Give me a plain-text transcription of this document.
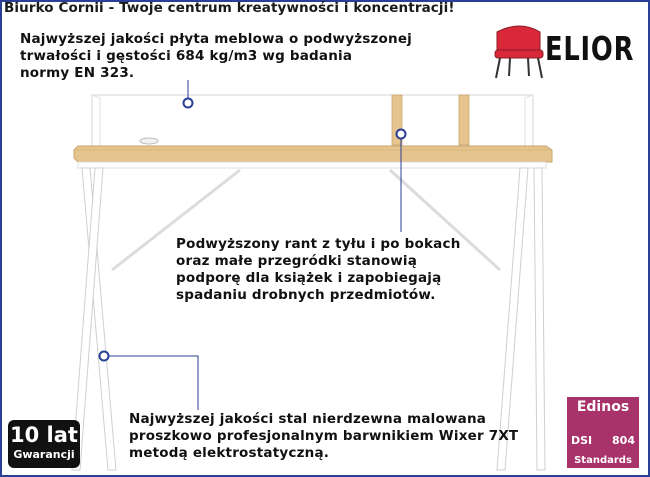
Biurko Cornii - Twoje centrum kreatywności i koncentracji!
Najwyższej jakości płyta meblowa o podwyższonej
trwałości i gęstości 684 kg/m3 wg badania
normy EN 323.
Podwyższony rant z tyłu i po bokach
oraz małe przegródki stanowią
podporę dla książek i zapobiegają
spadaniu drobnych przedmiotów.
Najwyższej jakości stal nierdzewna malowana
proszkowo profesjonalnym barwnikiem Wixer 7XT
metodą elektrostatyczną.
ELIOR
10 lat
Gwarancji
Edinos
DSI 804
Standards
